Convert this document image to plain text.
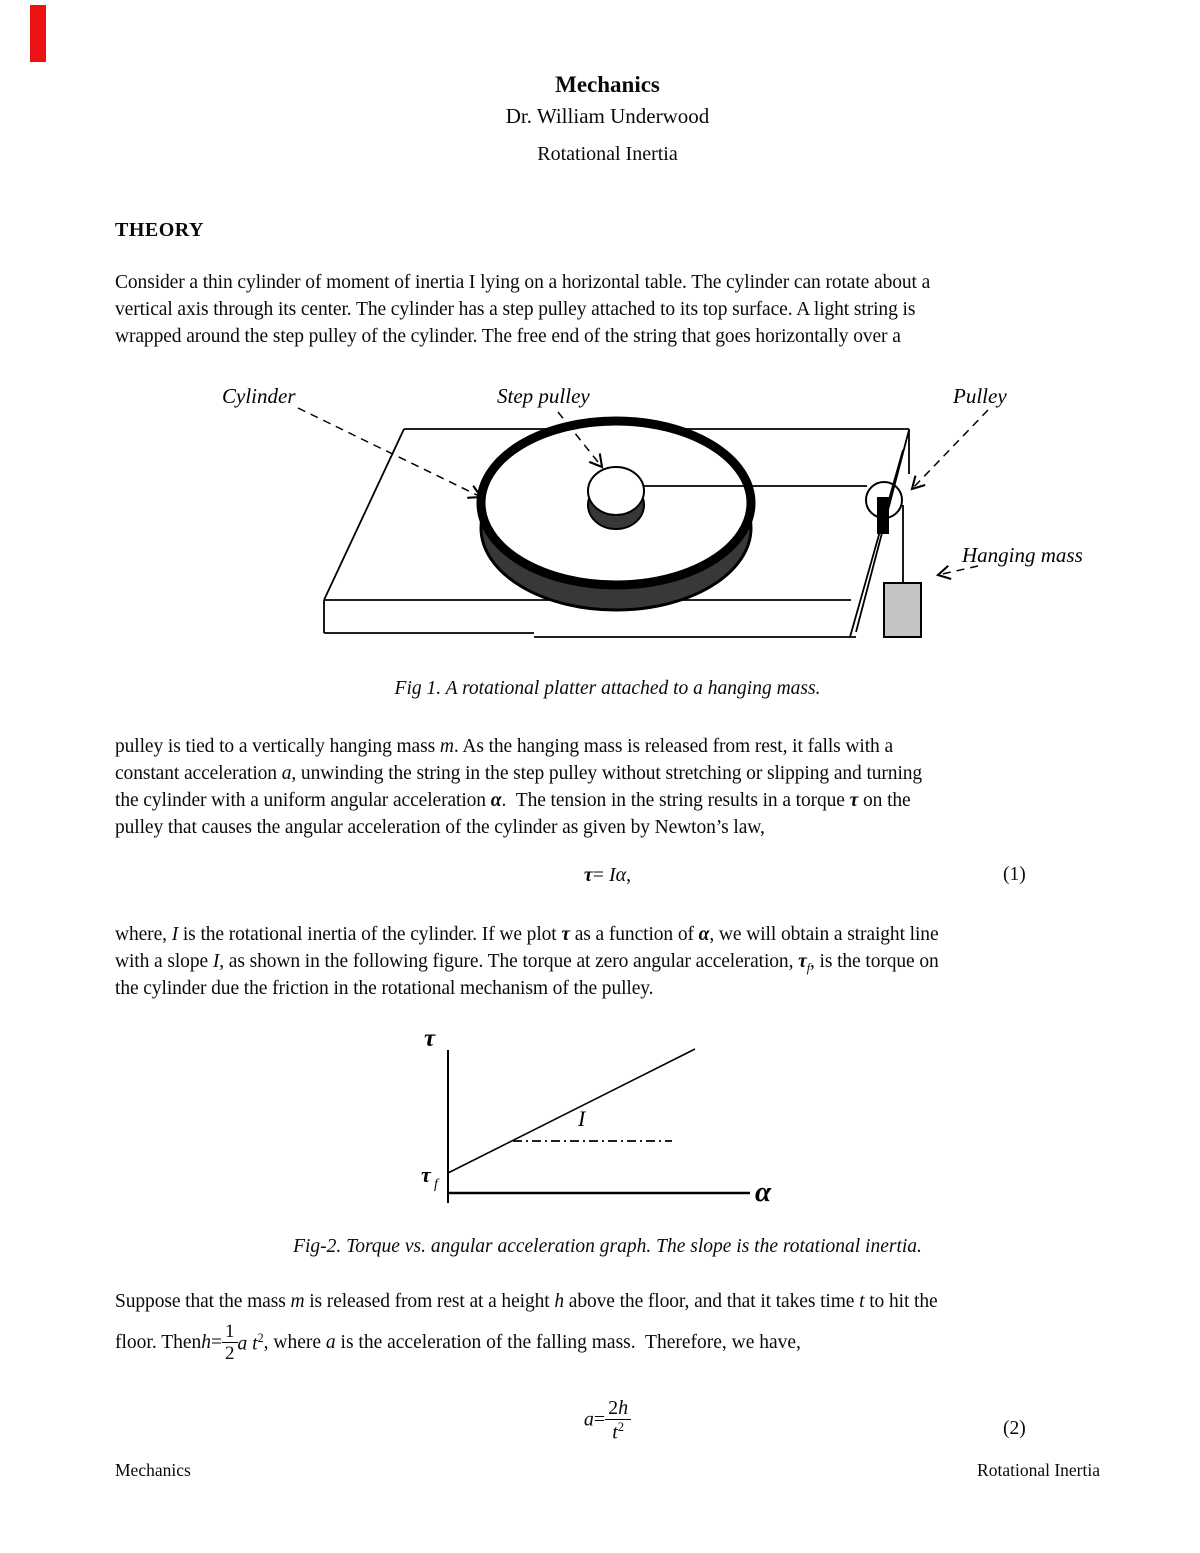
Mechanics
Dr. William Underwood
Rotational Inertia
THEORY
Consider a thin cylinder of moment of inertia I lying on a horizontal table. The cylinder can rotate about a
vertical axis through its center. The cylinder has a step pulley attached to its top surface. A light string is
wrapped around the step pulley of the cylinder. The free end of the string that goes horizontally over a
Cylinder	Step pulley	Pulley
Hanging mass
Fig 1. A rotational platter attached to a hanging mass.
pulley is tied to a vertically hanging mass m. As the hanging mass is released from rest, it falls with a
constant acceleration a, unwinding the string in the step pulley without stretching or slipping and turning
the cylinder with a uniform angular acceleration α.  The tension in the string results in a torque τ on the
pulley that causes the angular acceleration of the cylinder as given by Newton’s law,
τ= Iα,	(1)
where, I is the rotational inertia of the cylinder. If we plot τ as a function of α, we will obtain a straight line
with a slope I, as shown in the following figure. The torque at zero angular acceleration, $\tau_f$, is the torque on
the cylinder due the friction in the rotational mechanism of the pulley.
τ
I
τ f	α
Fig-2. Torque vs. angular acceleration graph. The slope is the rotational inertia.
Suppose that the mass m is released from rest at a height h above the floor, and that it takes time t to hit the
floor. Then $h= \frac{1}{2}$ a $t^2$ , where a is the acceleration of the falling mass.  Therefore, we have,
$a= \frac{2h}{t^2}$	(2)
Mechanics	Rotational Inertia
